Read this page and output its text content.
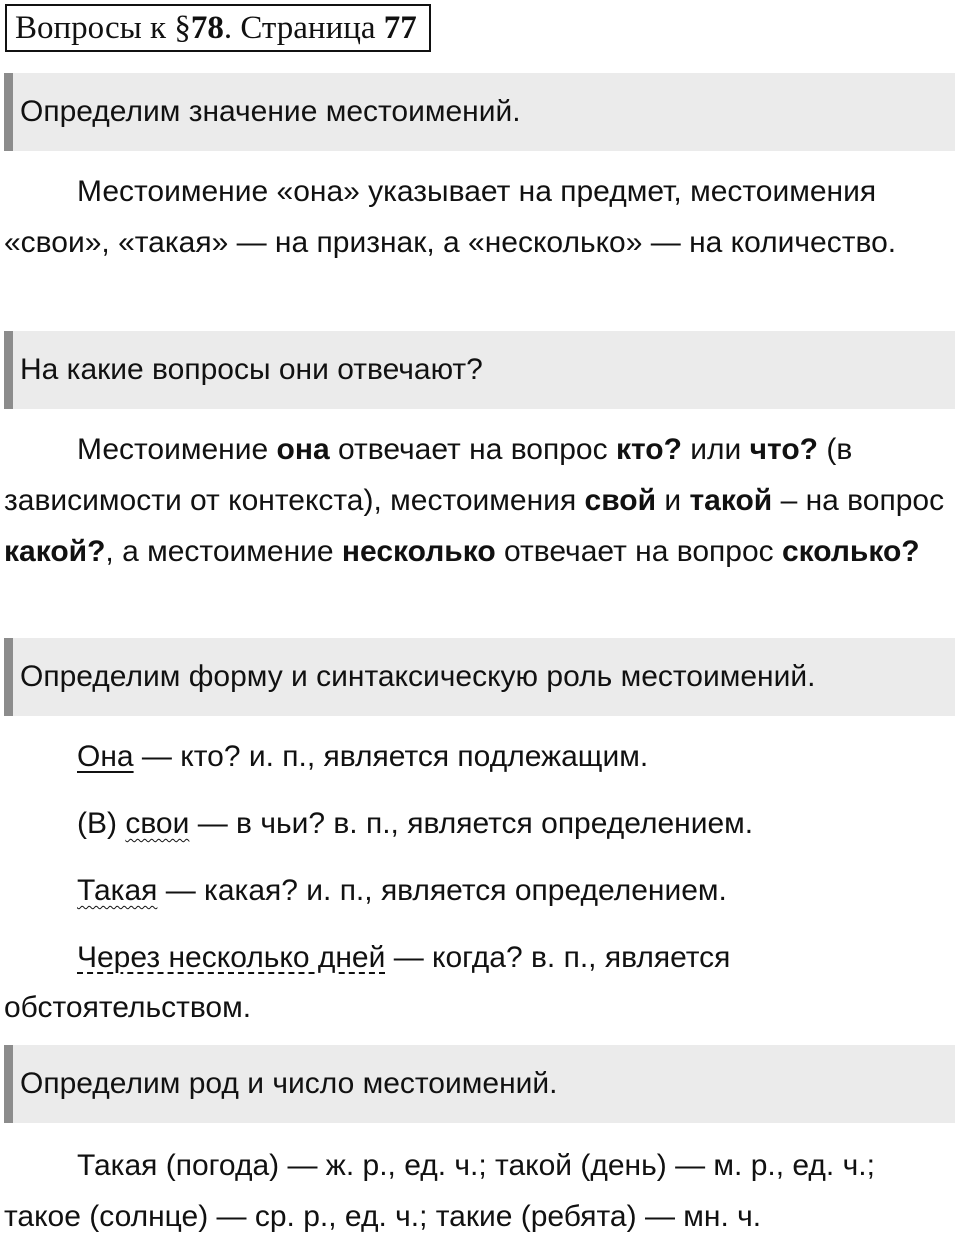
Вопросы к §78. Страница 77
Определим значение местоимений.
Местоимение «она» указывает на предмет, местоимения «свои», «такая» — на признак, а «несколько» — на количество.
На какие вопросы они отвечают?
Местоимение она отвечает на вопрос кто? или что? (в зависимости от контекста), местоимения свой и такой – на вопрос какой?, а местоимение несколько отвечает на вопрос сколько?
Определим форму и синтаксическую роль местоимений.
Она — кто? и. п., является подлежащим.
(В) свои — в чьи? в. п., является определением.
Такая — какая? и. п., является определением.
Через несколько дней — когда? в. п., является
обстоятельством.
Определим род и число местоимений.
Такая (погода) — ж. р., ед. ч.; такой (день) — м. р., ед. ч.; такое (солнце) — ср. р., ед. ч.; такие (ребята) — мн. ч.
